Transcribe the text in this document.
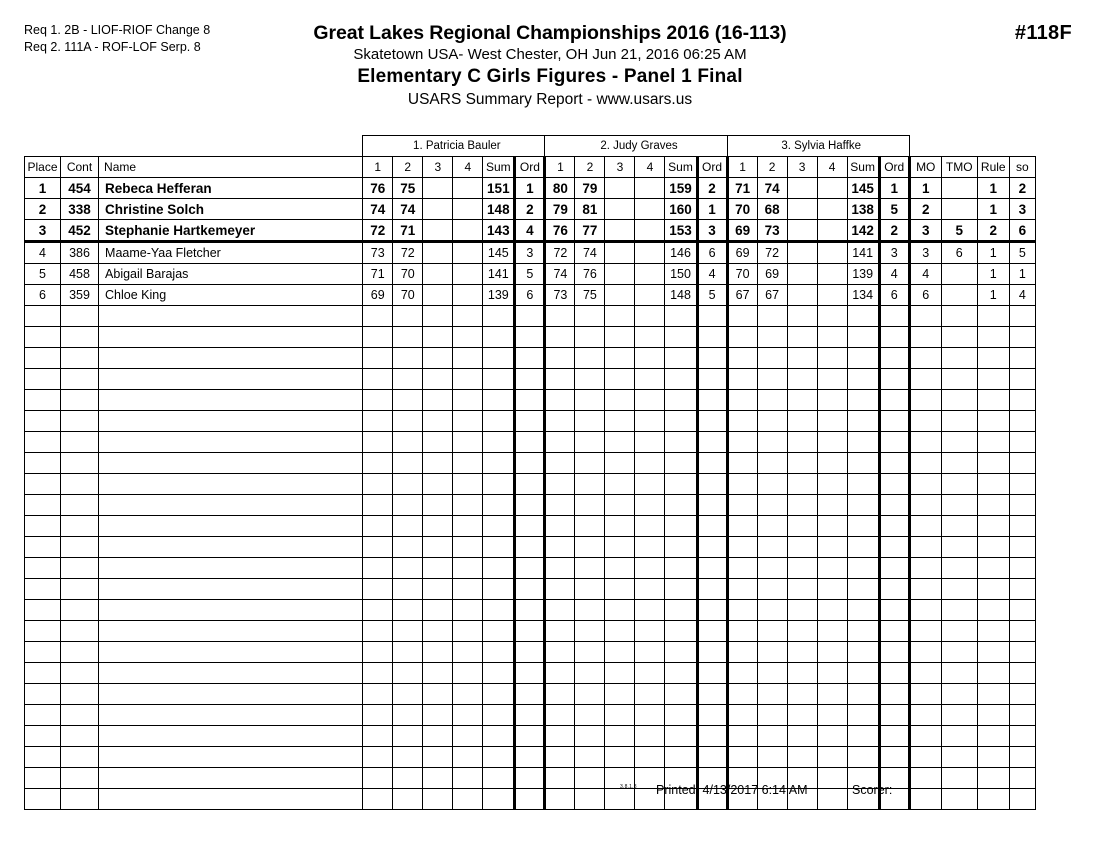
Req 1. 2B - LIOF-RIOF Change 8
Req 2. 111A - ROF-LOF Serp. 8
#118F
Great Lakes Regional Championships 2016 (16-113)
Skatetown USA- West Chester, OH Jun 21, 2016 06:25 AM
Elementary C Girls Figures - Panel 1 Final
USARS Summary Report - www.usars.us
			1. Patricia Bauler						2. Judy Graves						3. Sylvia Haffke									
Place	Cont	Name	1	2	3	4	Sum	Ord	1	2	3	4	Sum	Ord	1	2	3	4	Sum	Ord	MO	TMO	Rule	so
1	454	Rebeca Hefferan	76	75			151	1	80	79			159	2	71	74			145	1	1		1	2
2	338	Christine Solch	74	74			148	2	79	81			160	1	70	68			138	5	2		1	3
3	452	Stephanie Hartkemeyer	72	71			143	4	76	77			153	3	69	73			142	2	3	5	2	6
4	386	Maame-Yaa Fletcher	73	72			145	3	72	74			146	6	69	72			141	3	3	6	1	5
5	458	Abigail Barajas	71	70			141	5	74	76			150	4	70	69			139	4	4		1	1
6	359	Chloe King	69	70			139	6	73	75			148	5	67	67			134	6	6		1	4

3.8.1.8 Printed: 4/13/2017 6:14 AM	Scorer:
